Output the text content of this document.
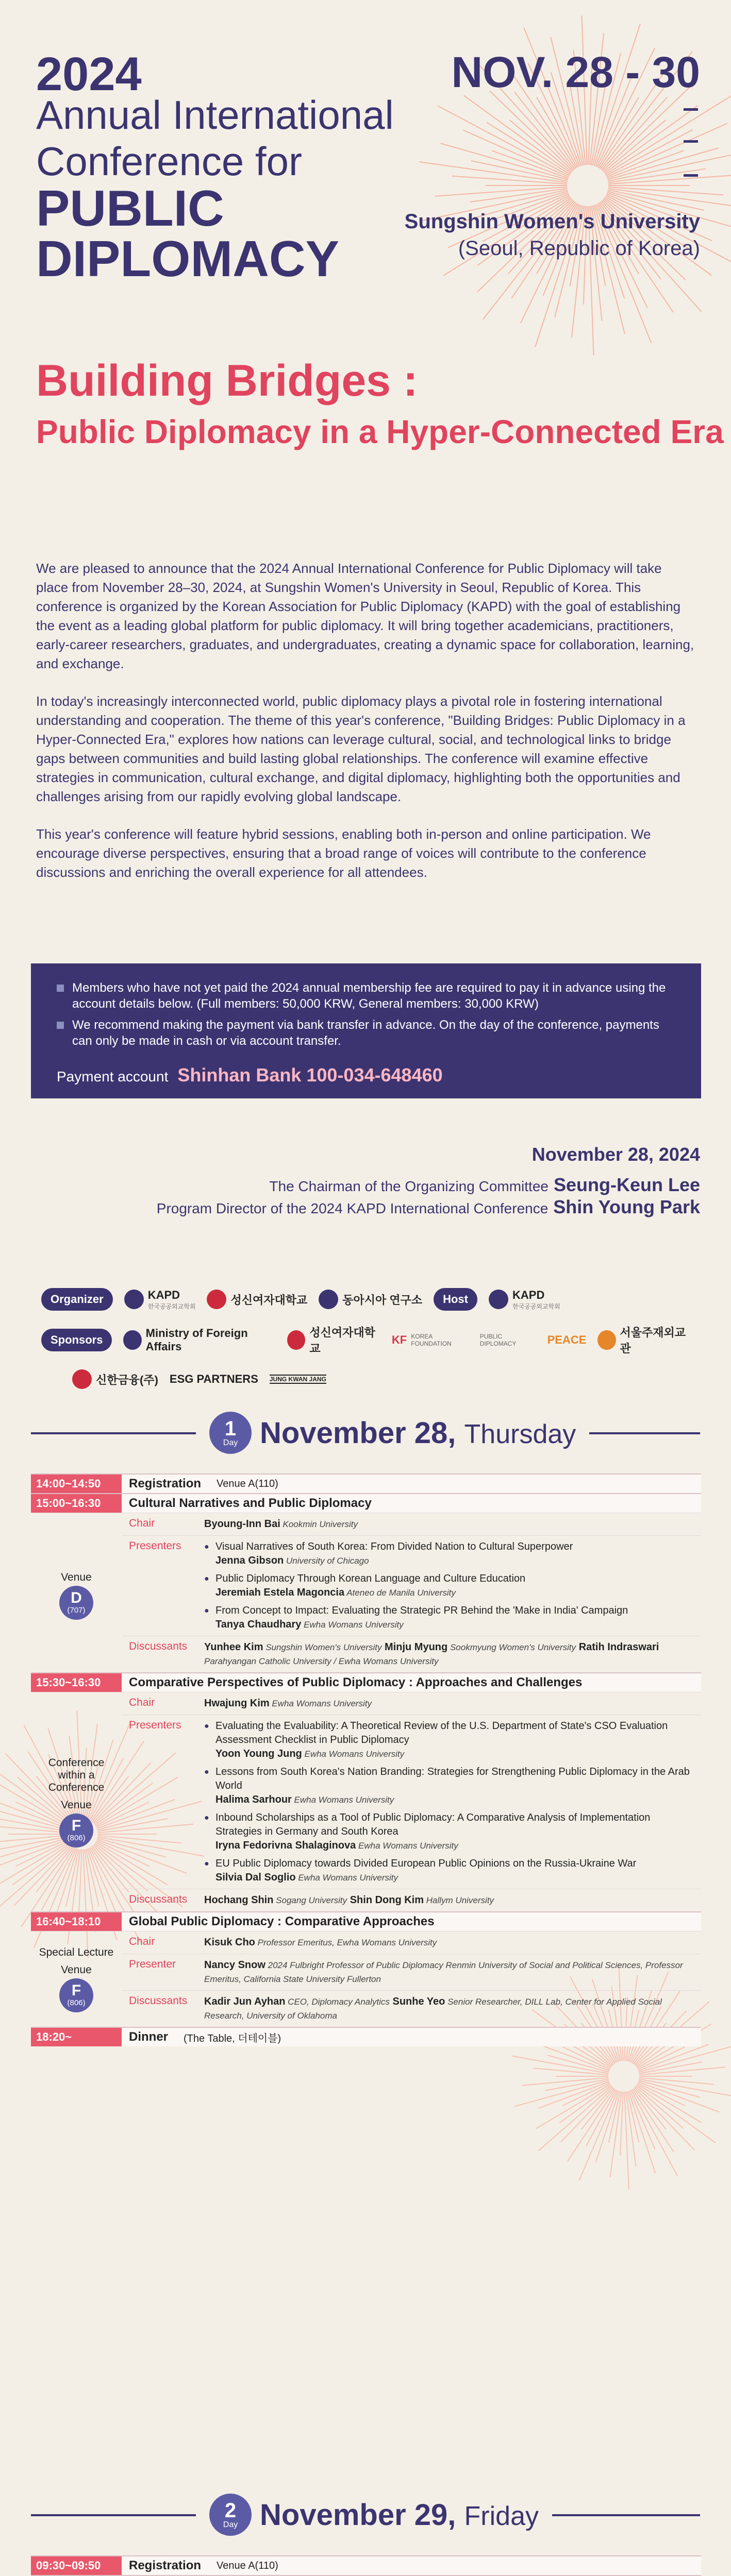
2024
Annual International Conference for
PUBLIC DIPLOMACY
NOV. 28 - 30
Sungshin Women's University
(Seoul, Republic of Korea)
Building Bridges :
Public Diplomacy in a Hyper-Connected Era

We are pleased to announce that the 2024 Annual International Conference for Public Diplomacy will take place from November 28–30, 2024, at Sungshin Women's University in Seoul, Republic of Korea. This conference is organized by the Korean Association for Public Diplomacy (KAPD) with the goal of establishing the event as a leading global platform for public diplomacy. It will bring together academicians, practitioners, early-career researchers, graduates, and undergraduates, creating a dynamic space for collaboration, learning, and exchange.

In today's increasingly interconnected world, public diplomacy plays a pivotal role in fostering international understanding and cooperation. The theme of this year's conference, "Building Bridges: Public Diplomacy in a Hyper-Connected Era," explores how nations can leverage cultural, social, and technological links to bridge gaps between communities and build lasting global relationships. The conference will examine effective strategies in communication, cultural exchange, and digital diplomacy, highlighting both the opportunities and challenges arising from our rapidly evolving global landscape.

This year's conference will feature hybrid sessions, enabling both in-person and online participation. We encourage diverse perspectives, ensuring that a broad range of voices will contribute to the conference discussions and enriching the overall experience for all attendees.

Members who have not yet paid the 2024 annual membership fee are required to pay it in advance using the account details below. (Full members: 50,000 KRW, General members: 30,000 KRW)
We recommend making the payment via bank transfer in advance. On the day of the conference, payments can only be made in cash or via account transfer.
Payment account Shinhan Bank 100-034-648460
November 28, 2024
The Chairman of the Organizing Committee Seung-Keun Lee
Program Director of the 2024 KAPD International Conference Shin Young Park
Organizer	KAPD
한국공공외교학회	성신여자대학교	동아시아 연구소	Host	KAPD
한국공공외교학회
Sponsors
Ministry of Foreign Affairs
성신여자대학교
KF KOREA FOUNDATION
PUBLIC DIPLOMACY	PEACE
서울주재외교관
신한금융(주) ESG PARTNERS JUNG KWAN JANG
1
Day November 28, Thursday
14:00~14:50	Registration Venue A(110)
15:00~16:30	Cultural Narratives and Public Diplomacy
Venue
D
(707)
Chair	Byoung-Inn Bai Kookmin University
Presenters	● Visual Narratives of South Korea: From Divided Nation to Cultural Superpower
Jenna Gibson University of Chicago
● Public Diplomacy Through Korean Language and Culture Education
Jeremiah Estela Magoncia Ateneo de Manila University
● From Concept to Impact: Evaluating the Strategic PR Behind the 'Make in India' Campaign
Tanya Chaudhary Ewha Womans University
Discussants	Yunhee Kim Sungshin Women's University Minju Myung Sookmyung Women's University Ratih Indraswari Parahyangan Catholic University / Ewha Womans University
15:30~16:30	Comparative Perspectives of Public Diplomacy : Approaches and Challenges
Conference within a Conference
Venue
F
(806)
Chair	Hwajung Kim Ewha Womans University
Presenters	● Evaluating the Evaluability: A Theoretical Review of the U.S. Department of State's CSO Evaluation Assessment Checklist in Public Diplomacy
Yoon Young Jung Ewha Womans University
● Lessons from South Korea's Nation Branding: Strategies for Strengthening Public Diplomacy in the Arab World
Halima Sarhour Ewha Womans University
● Inbound Scholarships as a Tool of Public Diplomacy: A Comparative Analysis of Implementation Strategies in Germany and South Korea
Iryna Fedorivna Shalaginova Ewha Womans University
● EU Public Diplomacy towards Divided European Public Opinions on the Russia-Ukraine War
Silvia Dal Soglio Ewha Womans University
Discussants	Hochang Shin Sogang University Shin Dong Kim Hallym University
16:40~18:10	Global Public Diplomacy : Comparative Approaches
Special Lecture
Venue
F
(806)
Chair	Kisuk Cho Professor Emeritus, Ewha Womans University
Presenter	Nancy Snow 2024 Fulbright Professor of Public Diplomacy Renmin University of Social and Political Sciences, Professor Emeritus, California State University Fullerton
Discussants	Kadir Jun Ayhan CEO, Diplomacy Analytics Sunhe Yeo Senior Researcher, DILL Lab, Center for Applied Social Research, University of Oklahoma
18:20~	Dinner (The Table, 더테이블)
2
Day November 29, Friday
09:30~09:50	Registration Venue A(110)
